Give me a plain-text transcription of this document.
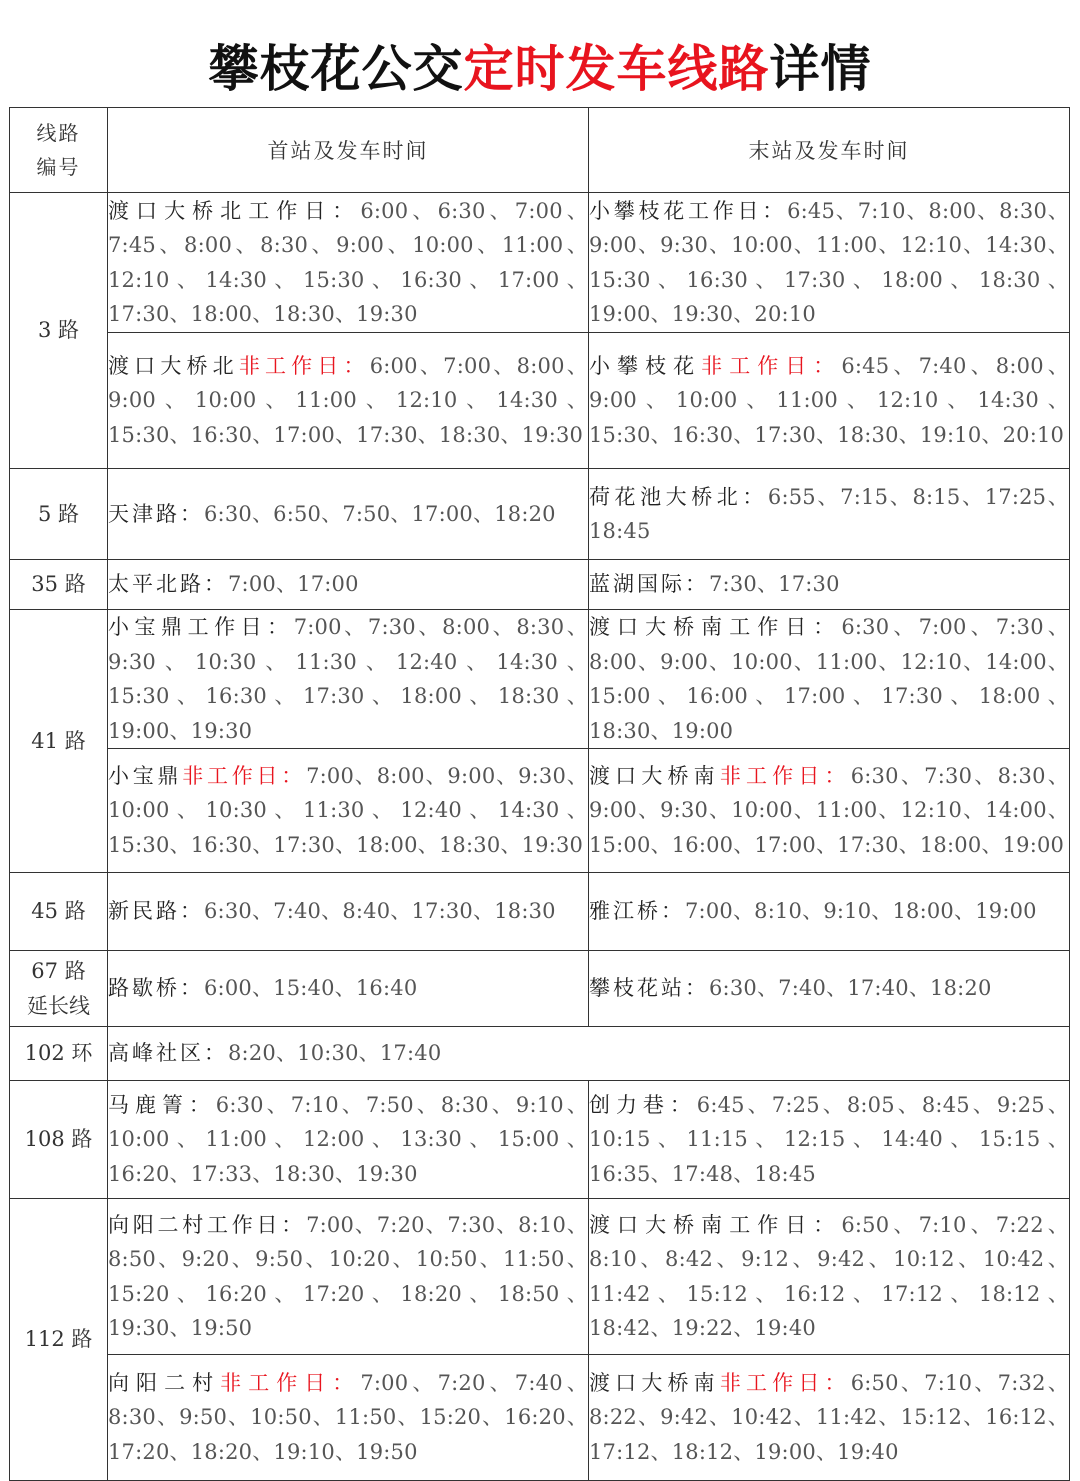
攀枝花公交定时发车线路详情
线路
编号	首站及发车时间	末站及发车时间
3 路	渡口大桥北工作日：6:00、6:30、7:00、7:45、8:00、8:30、9:00、10:00、11:00、12:10、14:30、15:30、16:30、17:00、17:30、18:00、18:30、19:30	小攀枝花工作日：6:45、7:10、8:00、8:30、9:00、9:30、10:00、11:00、12:10、14:30、15:30、16:30、17:30、18:00、18:30、19:00、19:30、20:10
	渡口大桥北非工作日：6:00、7:00、8:00、9:00、10:00、11:00、12:10、14:30、15:30、16:30、17:00、17:30、18:30、19:30	小攀枝花非工作日：6:45、7:40、8:00、9:00、10:00、11:00、12:10、14:30、15:30、16:30、17:30、18:30、19:10、20:10
5 路	天津路：6:30、6:50、7:50、17:00、18:20	荷花池大桥北：6:55、7:15、8:15、17:25、18:45
35 路	太平北路：7:00、17:00	蓝湖国际：7:30、17:30
41 路	小宝鼎工作日：7:00、7:30、8:00、8:30、9:30、10:30、11:30、12:40、14:30、15:30、16:30、17:30、18:00、18:30、19:00、19:30	渡口大桥南工作日：6:30、7:00、7:30、8:00、9:00、10:00、11:00、12:10、14:00、15:00、16:00、17:00、17:30、18:00、18:30、19:00
	小宝鼎非工作日：7:00、8:00、9:00、9:30、10:00、10:30、11:30、12:40、14:30、15:30、16:30、17:30、18:00、18:30、19:30	渡口大桥南非工作日：6:30、7:30、8:30、9:00、9:30、10:00、11:00、12:10、14:00、15:00、16:00、17:00、17:30、18:00、19:00
45 路	新民路：6:30、7:40、8:40、17:30、18:30	雅江桥：7:00、8:10、9:10、18:00、19:00

67 路
延长线	路歇桥：6:00、15:40、16:40	攀枝花站：6:30、7:40、17:40、18:20
102 环	高峰社区：8:20、10:30、17:40	
108 路	马鹿箐：6:30、7:10、7:50、8:30、9:10、10:00、11:00、12:00、13:30、15:00、16:20、17:33、18:30、19:30	创力巷：6:45、7:25、8:05、8:45、9:25、10:15、11:15、12:15、14:40、15:15、16:35、17:48、18:45
112 路	向阳二村工作日：7:00、7:20、7:30、8:10、8:50、9:20、9:50、10:20、10:50、11:50、15:20、16:20、17:20、18:20、18:50、19:30、19:50	渡口大桥南工作日：6:50、7:10、7:22、8:10、8:42、9:12、9:42、10:12、10:42、11:42、15:12、16:12、17:12、18:12、18:42、19:22、19:40
	向阳二村非工作日：7:00、7:20、7:40、8:30、9:50、10:50、11:50、15:20、16:20、17:20、18:20、19:10、19:50	渡口大桥南非工作日：6:50、7:10、7:32、8:22、9:42、10:42、11:42、15:12、16:12、17:12、18:12、19:00、19:40
